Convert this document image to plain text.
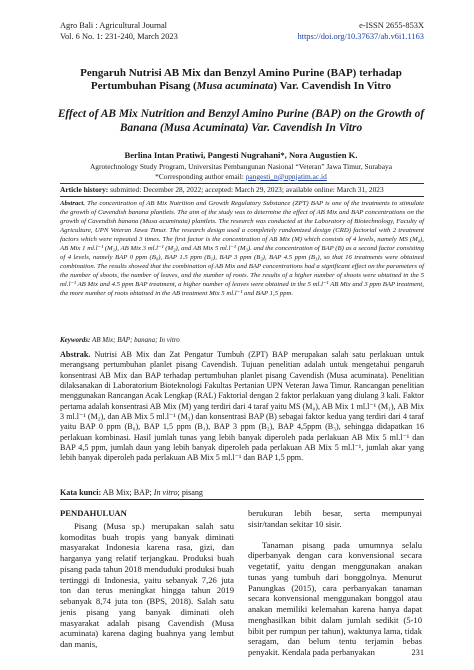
Agro Bali : Agricultural Journal
Vol. 6 No. 1: 231-240, March 2023
e-ISSN 2655-853X
https://doi.org/10.37637/ab.v6i1.1163
Pengaruh Nutrisi AB Mix dan Benzyl Amino Purine (BAP) terhadap
Pertumbuhan Pisang (Musa acuminata) Var. Cavendish In Vitro
Effect of AB Mix Nutrition and Benzyl Amino Purine (BAP) on the Growth of
Banana (Musa Acuminata) Var. Cavendish In Vitro
Berlina Intan Pratiwi, Pangesti Nugrahani*, Nora Augustien K.
Agrotechnology Study Program, Universitas Pembangunan Nasional “Veteran” Jawa Timur, Surabaya
*Corresponding author email: pangesti_n@upnjatim.ac.id
Article history: submitted: December 28, 2022; accepted: March 29, 2023; available online: March 31, 2023
Abstract. The concentration of AB Mix Nutrition and Growth Regulatory Substance (ZPT) BAP is one of the treatments to stimulate the growth of Cavendish banana plantlets. The aim of the study was to determine the effect of AB Mix and BAP concentrations on the growth of Cavendish banana (Musa acuminata) plantlets. The research was conducted at the Laboratory of Biotechnology, Faculty of Agriculture, UPN Veteran Jawa Timur. The research design used a completely randomized design (CRD) factorial with 2 treatment factors which were repeated 3 times. The first factor is the concentration of AB Mix (M) which consists of 4 levels, namely MS (M₀), AB Mix 1 ml.l⁻¹ (M₁), AB Mix 3 ml.l⁻¹ (M₂), and AB Mix 5 ml.l⁻¹ (M₃). and the concentration of BAP (B) as a second factor consisting of 4 levels, namely BAP 0 ppm (B₀), BAP 1.5 ppm (B₁), BAP 3 ppm (B₂), BAP 4.5 ppm (B₃), so that 16 treatments were obtained combination. The results showed that the combination of AB Mix and BAP concentrations had a significant effect on the parameters of the number of shoots, the number of leaves, and the number of roots. The results of a higher number of shoots were obtained in the 5 ml.l⁻¹ AB Mix and 4.5 ppm BAP treatment, a higher number of leaves were obtained in the 5 ml.l⁻¹ AB Mix and 3 ppm BAP treatment, the more number of roots obtained in the AB treatment Mix 5 ml.l⁻¹ and BAP 1,5 ppm.
Keywords: AB Mix; BAP; banana; In vitro
Abstrak. Nutrisi AB Mix dan Zat Pengatur Tumbuh (ZPT) BAP merupakan salah satu perlakuan untuk merangsang pertumbuhan planlet pisang Cavendish. Tujuan penelitian adalah untuk mengetahui pengaruh konsentrasi AB Mix dan BAP terhadap pertumbuhan planlet pisang Cavendish (Musa acuminata). Penelitian dilaksanakan di Laboratorium Bioteknologi Fakultas Pertanian UPN Veteran Jawa Timur. Rancangan penelitian menggunakan Rancangan Acak Lengkap (RAL) Faktorial dengan 2 faktor perlakuan yang diulang 3 kali. Faktor pertama adalah konsentrasi AB Mix (M) yang terdiri dari 4 taraf yaitu MS (M₀), AB Mix 1 ml.l⁻¹ (M₁), AB Mix 3 ml.l⁻¹ (M₂), dan AB Mix 5 ml.l⁻¹ (M₃) dan konsentrasi BAP (B) sebagai faktor kedua yang terdiri dari 4 taraf yaitu BAP 0 ppm (B₀), BAP 1,5 ppm (B₁), BAP 3 ppm (B₂), BAP 4,5ppm (B₃), sehingga didapatkan 16 perlakuan kombinasi. Hasil jumlah tunas yang lebih banyak diperoleh pada perlakuan AB Mix 5 ml.l⁻¹ dan BAP 4,5 ppm, jumlah daun yang lebih banyak diperoleh pada perlakuan AB Mix 5 ml.l⁻¹, jumlah akar yang lebih banyak diperoleh pada perlakuan AB Mix 5 ml.l⁻¹ dan BAP 1,5 ppm.
Kata kunci: AB Mix; BAP; In vitro; pisang
PENDAHULUAN
Pisang (Musa sp.) merupakan salah satu komoditas buah tropis yang banyak diminati masyarakat Indonesia karena rasa, gizi, dan harganya yang relatif terjangkau. Produksi buah pisang pada tahun 2018 menduduki produksi buah tertinggi di Indonesia, yaitu sebanyak 7,26 juta ton dan terus meningkat hingga tahun 2019 sebanyak 8,74 juta ton (BPS, 2018). Salah satu jenis pisang yang banyak diminati oleh masyarakat adalah pisang Cavendish (Musa acuminata) karena daging buahnya yang lembut dan manis,
berukuran lebih besar, serta mempunyai sisir/tandan sekitar 10 sisir.
Tanaman pisang pada umumnya selalu diperbanyak dengan cara konvensional secara vegetatif, yaitu dengan menggunakan anakan tunas yang tumbuh dari bonggolnya. Menurut Panungkas (2015), cara perbanyakan tanaman secara konvensional menggunakan bonggol atau anakan memiliki kelemahan karena hanya dapat menghasilkan bibit dalam jumlah sedikit (5-10 bibit per rumpun per tahun), waktunya lama, tidak seragam, dan belum tentu terjamin bebas penyakit. Kendala pada perbanyakan	231
